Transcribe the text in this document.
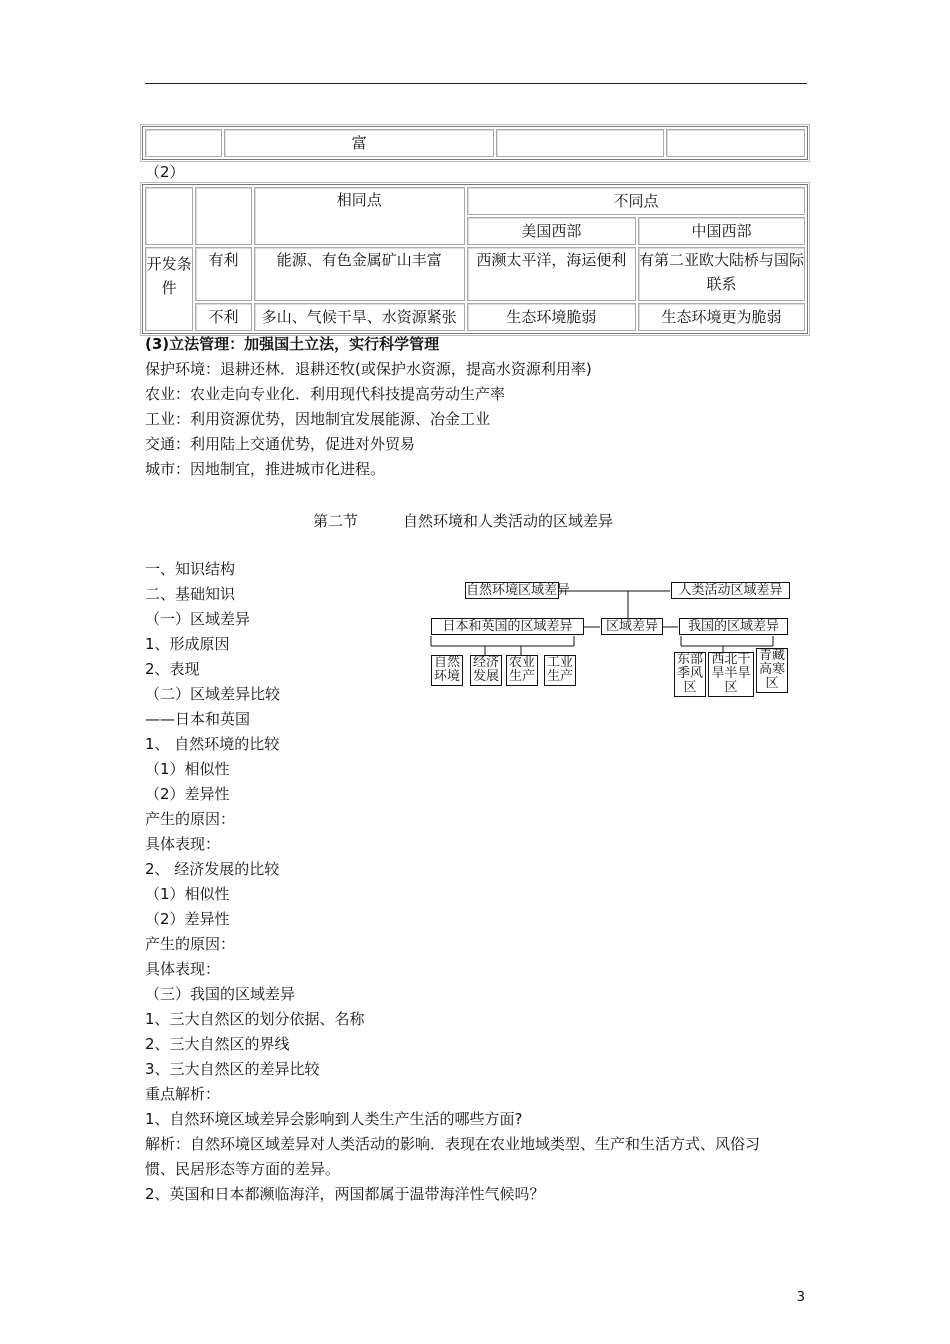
	富		
（2）
		相同点	不同点	
			美国西部	中国西部
开发条件	有利	能源、有色金属矿山丰富	西濒太平洋，海运便利	有第二亚欧大陆桥与国际联系
	不利	多山、气候干旱、水资源紧张	生态环境脆弱	生态环境更为脆弱
(3)立法管理：加强国土立法，实行科学管理
保护环境：退耕还林．退耕还牧(或保护水资源，提高水资源利用率)
农业：农业走向专业化．利用现代科技提高劳动生产率
工业：利用资源优势，因地制宜发展能源、冶金工业
交通：利用陆上交通优势，促进对外贸易
城市：因地制宜，推进城市化进程。
第二节　　　自然环境和人类活动的区域差异
一、知识结构
二、基础知识
（一）区域差异
1、形成原因
2、表现
（二）区域差异比较
——日本和英国
1、 自然环境的比较
（1）相似性
（2）差异性
产生的原因：
具体表现：
2、 经济发展的比较
（1）相似性
（2）差异性
产生的原因：
具体表现：
（三）我国的区域差异
1、三大自然区的划分依据、名称
2、三大自然区的界线
3、三大自然区的差异比较
重点解析：
1、自然环境区域差异会影响到人类生产生活的哪些方面?
解析：自然环境区域差异对人类活动的影响．表现在农业地域类型、生产和生活方式、风俗习
惯、民居形态等方面的差异。
2、英国和日本都濒临海洋，两国都属于温带海洋性气候吗？
自然环境区域差异	人类活动区域差异
日本和英国的区域差异	区域差异	我国的区域差异
自然环境
经济发展
农业生产
工业生产
东部季风区
西北干旱半旱区
青藏高寒区
3
